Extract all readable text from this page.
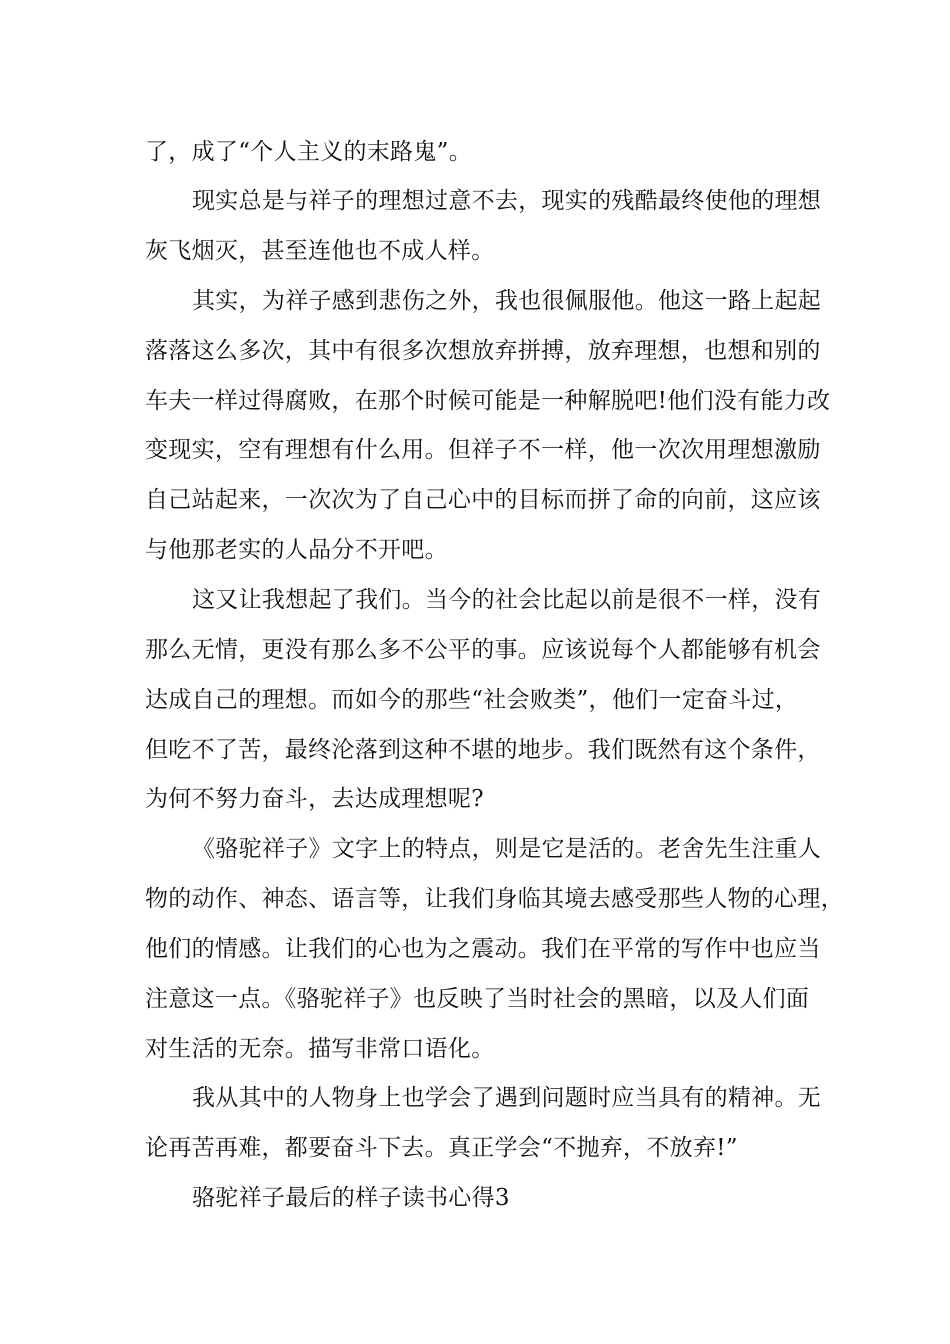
了，成了“个人主义的末路鬼”。
现实总是与祥子的理想过意不去，现实的残酷最终使他的理想
灰飞烟灭，甚至连他也不成人样。
其实，为祥子感到悲伤之外，我也很佩服他。他这一路上起起
落落这么多次，其中有很多次想放弃拼搏，放弃理想，也想和别的
车夫一样过得腐败，在那个时候可能是一种解脱吧!他们没有能力改
变现实，空有理想有什么用。但祥子不一样，他一次次用理想激励
自己站起来，一次次为了自己心中的目标而拼了命的向前，这应该
与他那老实的人品分不开吧。
这又让我想起了我们。当今的社会比起以前是很不一样，没有
那么无情，更没有那么多不公平的事。应该说每个人都能够有机会
达成自己的理想。而如今的那些“社会败类”，他们一定奋斗过，
但吃不了苦，最终沦落到这种不堪的地步。我们既然有这个条件，
为何不努力奋斗，去达成理想呢?
《骆驼祥子》文字上的特点，则是它是活的。老舍先生注重人
物的动作、神态、语言等，让我们身临其境去感受那些人物的心理，
他们的情感。让我们的心也为之震动。我们在平常的写作中也应当
注意这一点。《骆驼祥子》也反映了当时社会的黑暗，以及人们面
对生活的无奈。描写非常口语化。
我从其中的人物身上也学会了遇到问题时应当具有的精神。无
论再苦再难，都要奋斗下去。真正学会“不抛弃，不放弃!”
骆驼祥子最后的样子读书心得3
